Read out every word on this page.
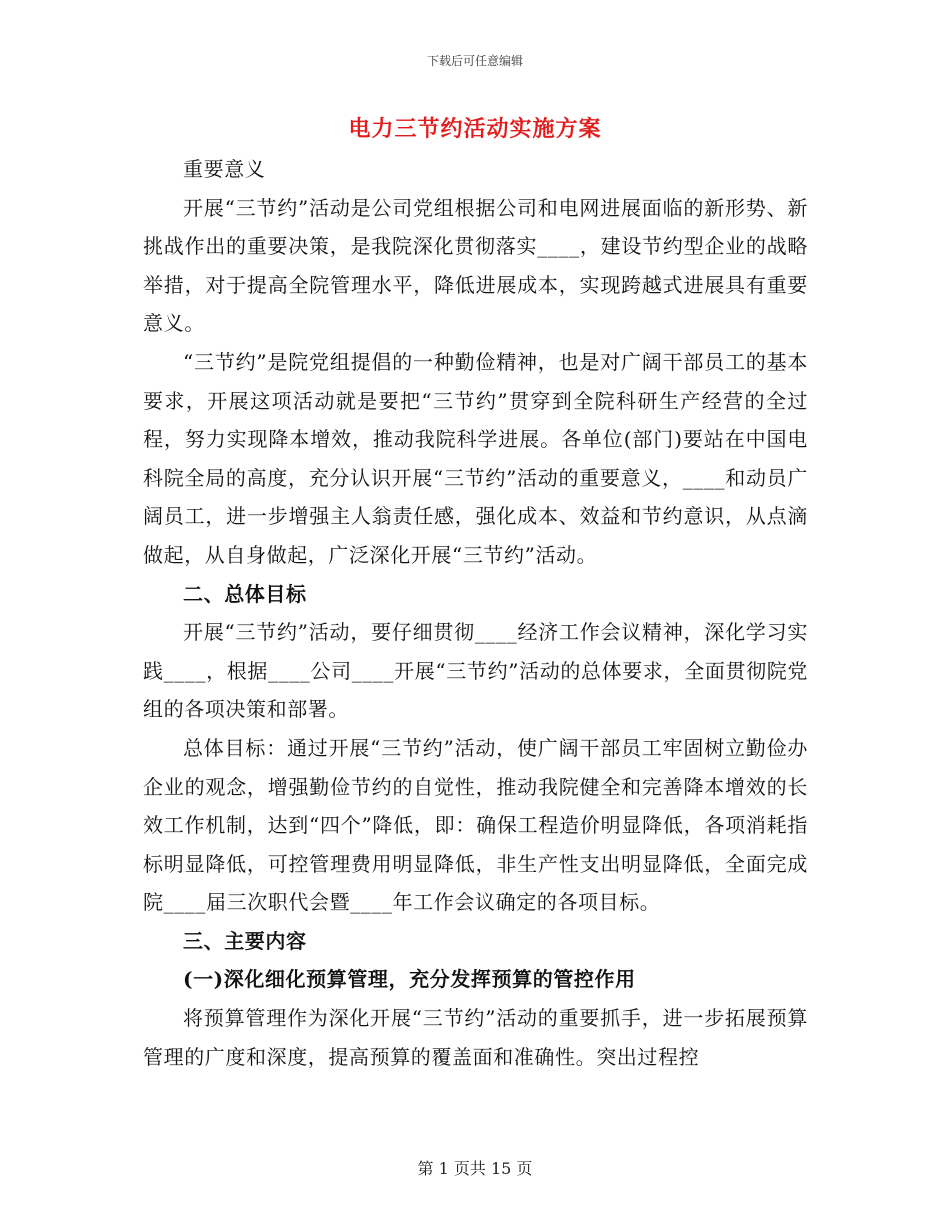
下载后可任意编辑
电力三节约活动实施方案

重要意义

开展“三节约”活动是公司党组根据公司和电网进展面临的新形势、新挑战作出的重要决策，是我院深化贯彻落实____，建设节约型企业的战略举措，对于提高全院管理水平，降低进展成本，实现跨越式进展具有重要意义。

“三节约”是院党组提倡的一种勤俭精神，也是对广阔干部员工的基本要求，开展这项活动就是要把“三节约”贯穿到全院科研生产经营的全过程，努力实现降本增效，推动我院科学进展。各单位(部门)要站在中国电科院全局的高度，充分认识开展“三节约”活动的重要意义，____和动员广阔员工，进一步增强主人翁责任感，强化成本、效益和节约意识，从点滴做起，从自身做起，广泛深化开展“三节约”活动。

二、总体目标

开展“三节约”活动，要仔细贯彻____经济工作会议精神，深化学习实践____，根据____公司____开展“三节约”活动的总体要求，全面贯彻院党组的各项决策和部署。

总体目标：通过开展“三节约”活动，使广阔干部员工牢固树立勤俭办企业的观念，增强勤俭节约的自觉性，推动我院健全和完善降本增效的长效工作机制，达到“四个”降低，即：确保工程造价明显降低，各项消耗指标明显降低，可控管理费用明显降低，非生产性支出明显降低，全面完成院____届三次职代会暨____年工作会议确定的各项目标。

三、主要内容

(一)深化细化预算管理，充分发挥预算的管控作用

将预算管理作为深化开展“三节约”活动的重要抓手，进一步拓展预算管理的广度和深度，提高预算的覆盖面和准确性。突出过程控

第 1 页共 15 页
